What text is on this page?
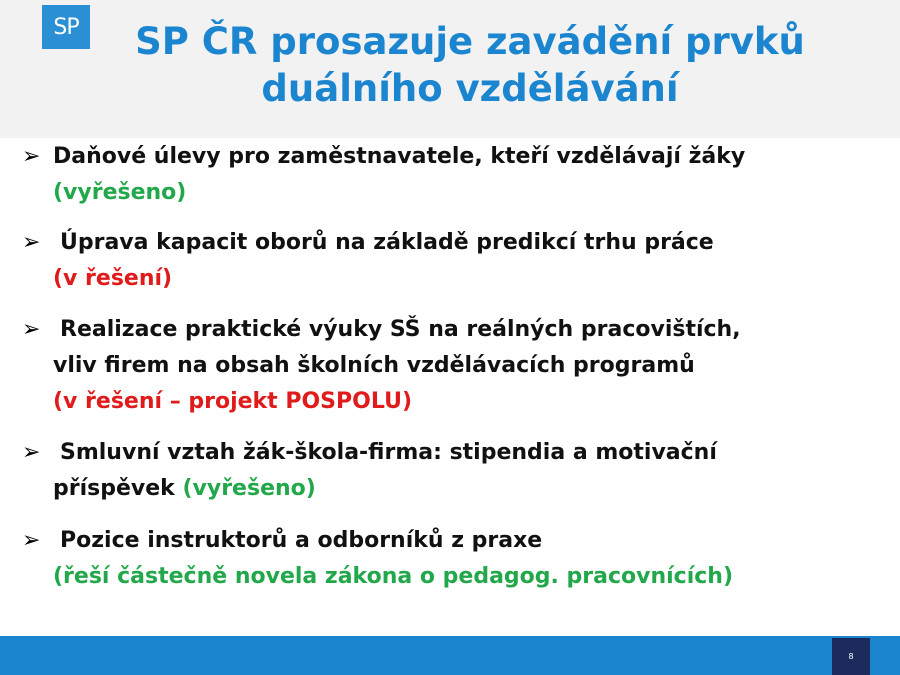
SP	SP ČR prosazuje zavádění prvků
duálního vzdělávání
➢ Daňové úlevy pro zaměstnavatele, kteří vzdělávají žáky
(vyřešeno)
➢ Úprava kapacit oborů na základě predikcí trhu práce
(v řešení)
➢ Realizace praktické výuky SŠ na reálných pracovištích,
vliv firem na obsah školních vzdělávacích programů
(v řešení – projekt POSPOLU)
➢ Smluvní vztah žák-škola-firma: stipendia a motivační
příspěvek (vyřešeno)
➢ Pozice instruktorů a odborníků z praxe
(řeší částečně novela zákona o pedagog. pracovnících)
8
